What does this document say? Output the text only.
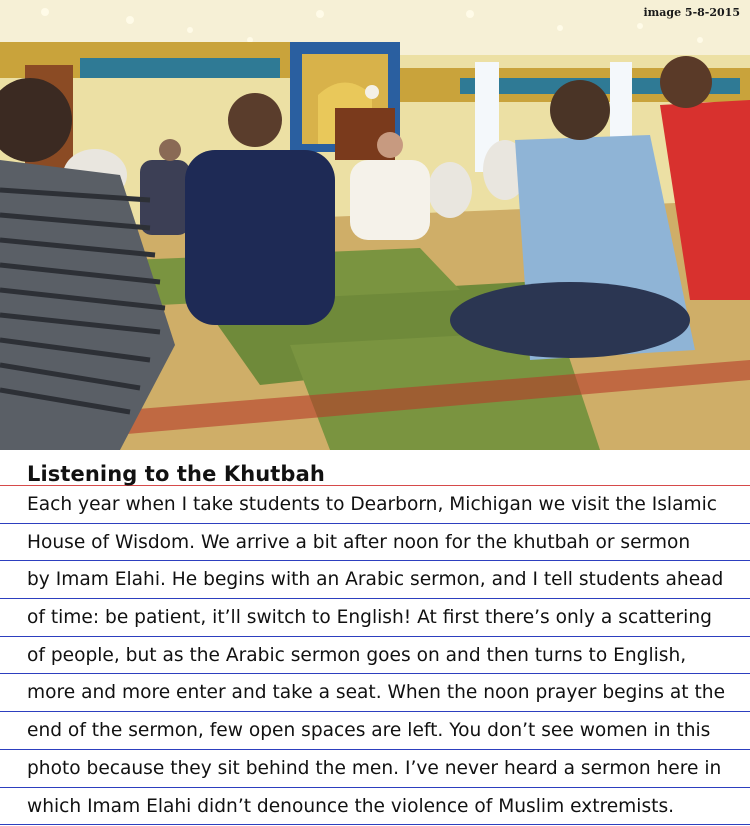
image 5-8-2015
Listening to the Khutbah
Each year when I take students to Dearborn, Michigan we visit the Islamic
House of Wisdom. We arrive a bit after noon for the khutbah or sermon
by Imam Elahi. He begins with an Arabic sermon, and I tell students ahead
of time: be patient, it’ll switch to English! At first there’s only a scattering
of people, but as the Arabic sermon goes on and then turns to English,
more and more enter and take a seat. When the noon prayer begins at the
end of the sermon, few open spaces are left. You don’t see women in this
photo because they sit behind the men. I’ve never heard a sermon here in
which Imam Elahi didn’t denounce the violence of Muslim extremists.
